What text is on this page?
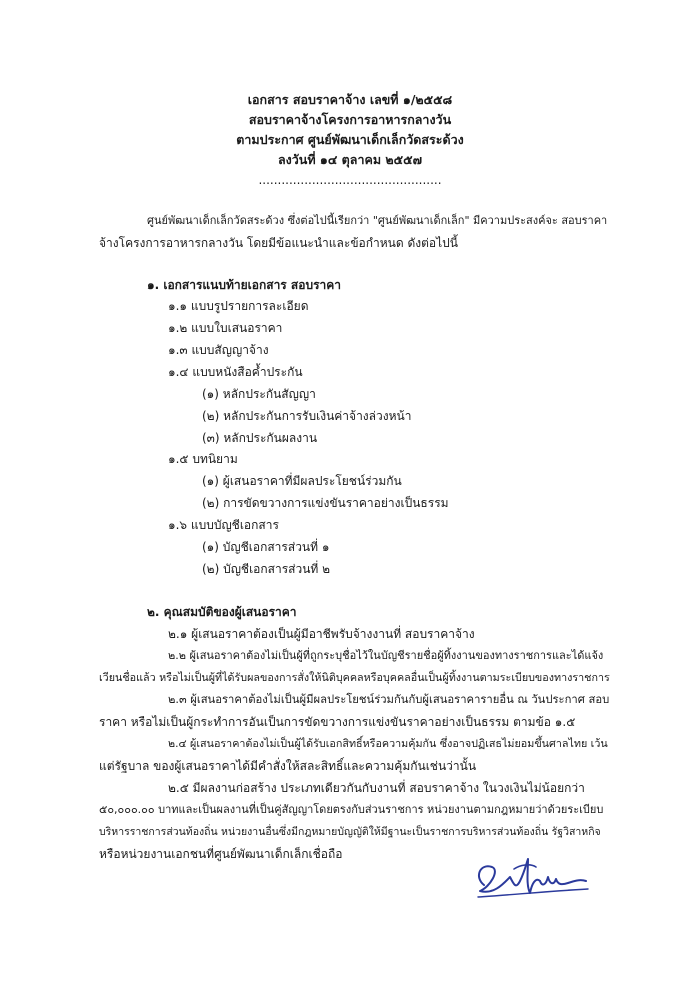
เอกสาร สอบราคาจ้าง เลขที่ ๑/๒๕๕๘
สอบราคาจ้างโครงการอาหารกลางวัน
ตามประกาศ ศูนย์พัฒนาเด็กเล็กวัดสระด้วง
ลงวันที่ ๑๔ ตุลาคม ๒๕๕๗
................................................
ศูนย์พัฒนาเด็กเล็กวัดสระด้วง ซึ่งต่อไปนี้เรียกว่า "ศูนย์พัฒนาเด็กเล็ก" มีความประสงค์จะ สอบราคา
จ้างโครงการอาหารกลางวัน โดยมีข้อแนะนำและข้อกำหนด ดังต่อไปนี้
๑. เอกสารแนบท้ายเอกสาร สอบราคา
๑.๑ แบบรูปรายการละเอียด
๑.๒ แบบใบเสนอราคา
๑.๓ แบบสัญญาจ้าง
๑.๔ แบบหนังสือค้ำประกัน
(๑) หลักประกันสัญญา
(๒) หลักประกันการรับเงินค่าจ้างล่วงหน้า
(๓) หลักประกันผลงาน
๑.๕ บทนิยาม
(๑) ผู้เสนอราคาที่มีผลประโยชน์ร่วมกัน
(๒) การขัดขวางการแข่งขันราคาอย่างเป็นธรรม
๑.๖ แบบบัญชีเอกสาร
(๑) บัญชีเอกสารส่วนที่ ๑
(๒) บัญชีเอกสารส่วนที่ ๒
๒. คุณสมบัติของผู้เสนอราคา
๒.๑ ผู้เสนอราคาต้องเป็นผู้มีอาชีพรับจ้างงานที่ สอบราคาจ้าง
๒.๒ ผู้เสนอราคาต้องไม่เป็นผู้ที่ถูกระบุชื่อไว้ในบัญชีรายชื่อผู้ทิ้งงานของทางราชการและได้แจ้ง
เวียนชื่อแล้ว หรือไม่เป็นผู้ที่ได้รับผลของการสั่งให้นิติบุคคลหรือบุคคลอื่นเป็นผู้ทิ้งงานตามระเบียบของทางราชการ
๒.๓ ผู้เสนอราคาต้องไม่เป็นผู้มีผลประโยชน์ร่วมกันกับผู้เสนอราคารายอื่น ณ วันประกาศ สอบ
ราคา หรือไม่เป็นผู้กระทำการอันเป็นการขัดขวางการแข่งขันราคาอย่างเป็นธรรม ตามข้อ ๑.๕
๒.๔ ผู้เสนอราคาต้องไม่เป็นผู้ได้รับเอกสิทธิ์หรือความคุ้มกัน ซึ่งอาจปฏิเสธไม่ยอมขึ้นศาลไทย เว้น
แต่รัฐบาล ของผู้เสนอราคาได้มีคำสั่งให้สละสิทธิ์และความคุ้มกันเช่นว่านั้น
๒.๕ มีผลงานก่อสร้าง ประเภทเดียวกันกับงานที่ สอบราคาจ้าง ในวงเงินไม่น้อยกว่า
๕๐,๐๐๐.๐๐ บาทและเป็นผลงานที่เป็นคู่สัญญาโดยตรงกับส่วนราชการ หน่วยงานตามกฎหมายว่าด้วยระเบียบ
บริหารราชการส่วนท้องถิ่น หน่วยงานอื่นซึ่งมีกฎหมายบัญญัติให้มีฐานะเป็นราชการบริหารส่วนท้องถิ่น รัฐวิสาหกิจ
หรือหน่วยงานเอกชนที่ศูนย์พัฒนาเด็กเล็กเชื่อถือ
